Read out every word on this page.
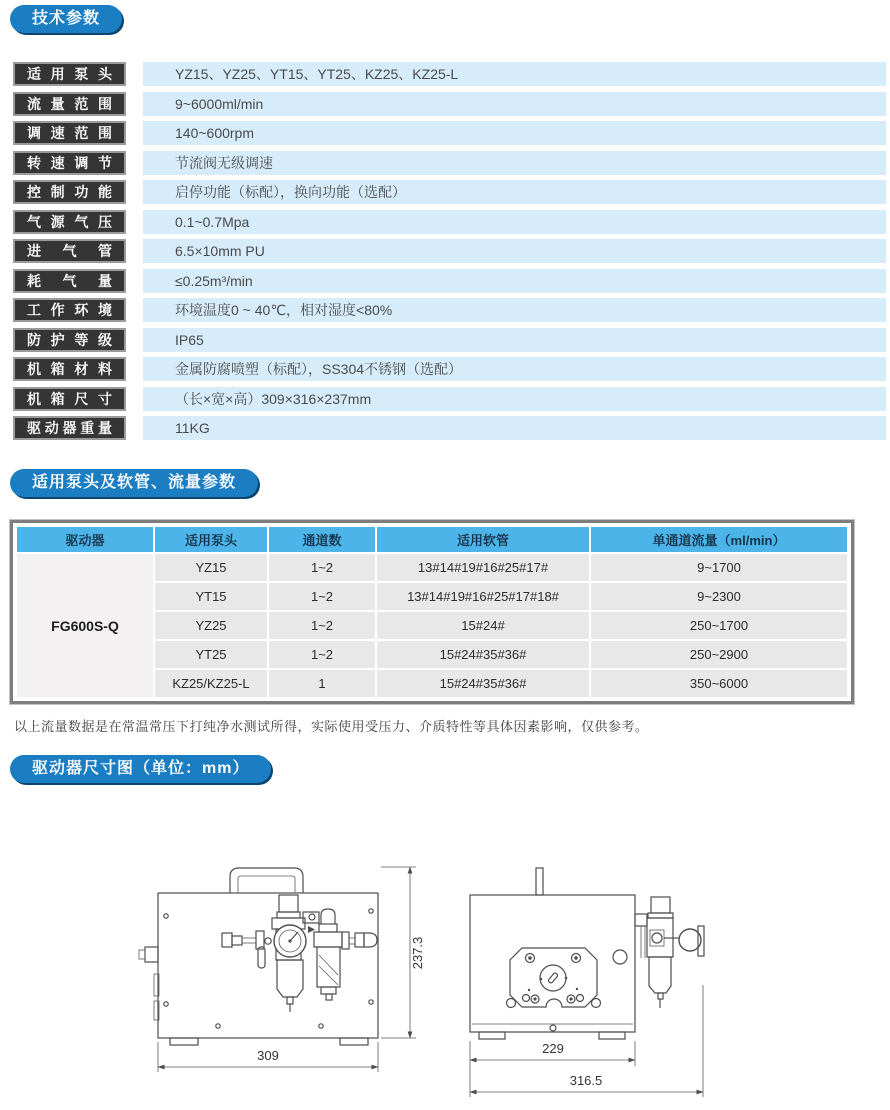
技术参数
适用泵头	YZ15、YZ25、YT15、YT25、KZ25、KZ25-L
流量范围	9~6000ml/min
调速范围	140~600rpm
转速调节	节流阀无级调速
控制功能	启停功能（标配），换向功能（选配）
气源气压	0.1~0.7Mpa
进气管	6.5×10mm PU
耗气量	≤0.25m³/min
工作环境	环境温度0 ~ 40℃，相对湿度<80%
防护等级	IP65
机箱材料	金属防腐喷塑（标配），SS304不锈钢（选配）
机箱尺寸	（长×宽×高）309×316×237mm
驱动器重量	11KG
适用泵头及软管、流量参数
驱动器	适用泵头	通道数	适用软管	单通道流量（ml/min）
FG600S-Q
YZ15	1~2	13#14#19#16#25#17#	9~1700
YT15	1~2	13#14#19#16#25#17#18#	9~2300
YZ25	1~2	15#24#	250~1700
YT25	1~2	15#24#35#36#	250~2900
KZ25/KZ25-L	1	15#24#35#36#	350~6000
以上流量数据是在常温常压下打纯净水测试所得，实际使用受压力、介质特性等具体因素影响，仅供参考。
驱动器尺寸图（单位：mm）
309
237.3
229
316.5
